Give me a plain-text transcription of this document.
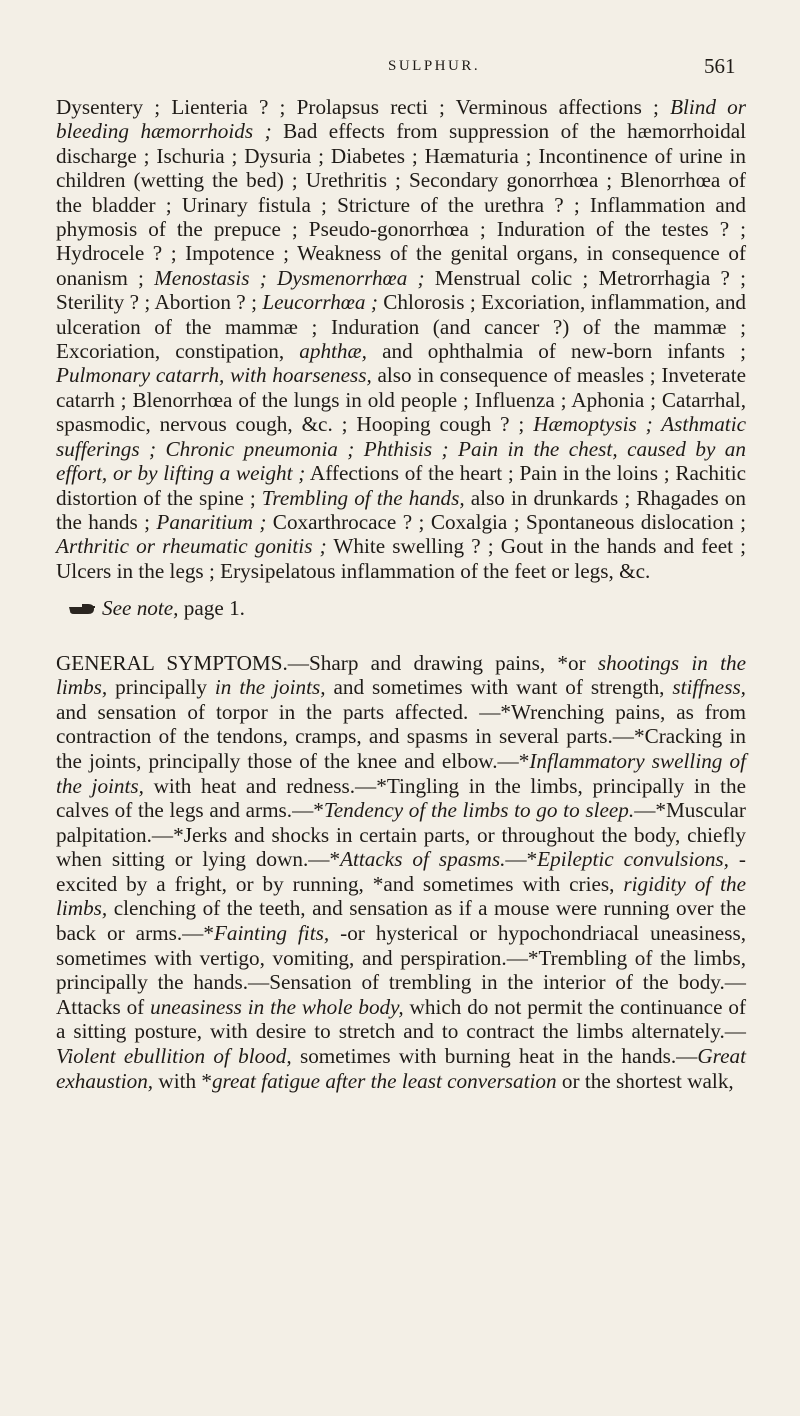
SULPHUR.	561

Dysentery ; Lienteria ? ; Prolapsus recti ; Verminous affections ; Blind or bleeding hæmorrhoids ; Bad effects from suppression of the hæmorrhoidal discharge ; Ischuria ; Dysuria ; Diabetes ; Hæmaturia ; Incontinence of urine in children (wetting the bed) ; Urethritis ; Secondary gonorrhœa ; Blenorrhœa of the bladder ; Urinary fistula ; Stricture of the urethra ? ; Inflammation and phymosis of the prepuce ; Pseudo-gonorrhœa ; Induration of the testes ? ; Hydrocele ? ; Impotence ; Weakness of the genital organs, in consequence of onanism ; Menostasis ; Dysmenorrhœa ; Menstrual colic ; Metrorrhagia ? ; Sterility ? ; Abortion ? ; Leucorrhœa ; Chlorosis ; Excoriation, inflammation, and ulceration of the mammæ ; Induration (and cancer ?) of the mammæ ; Excoriation, constipation, aphthæ, and ophthalmia of new-born infants ; Pulmonary catarrh, with hoarseness, also in consequence of measles ; Inveterate catarrh ; Blenorrhœa of the lungs in old people ; Influenza ; Aphonia ; Catarrhal, spasmodic, nervous cough, &c. ; Hooping cough ? ; Hæmoptysis ; Asthmatic sufferings ; Chronic pneumonia ; Phthisis ; Pain in the chest, caused by an effort, or by lifting a weight ; Affections of the heart ; Pain in the loins ; Rachitic distortion of the spine ; Trembling of the hands, also in drunkards ; Rhagades on the hands ; Panaritium ; Coxarthrocace ? ; Coxalgia ; Spontaneous dislocation ; Arthritic or rheumatic gonitis ; White swelling ? ; Gout in the hands and feet ; Ulcers in the legs ; Erysipelatous inflammation of the feet or legs, &c.

See note, page 1.

GENERAL SYMPTOMS.—Sharp and drawing pains, *or shootings in the limbs, principally in the joints, and sometimes with want of strength, stiffness, and sensation of torpor in the parts affected. —*Wrenching pains, as from contraction of the tendons, cramps, and spasms in several parts.—*Cracking in the joints, principally those of the knee and elbow.—*Inflammatory swelling of the joints, with heat and redness.—*Tingling in the limbs, principally in the calves of the legs and arms.—*Tendency of the limbs to go to sleep.—*Muscular palpitation.—*Jerks and shocks in certain parts, or throughout the body, chiefly when sitting or lying down.—*Attacks of spasms.—*Epileptic convulsions, -excited by a fright, or by running, *and sometimes with cries, rigidity of the limbs, clenching of the teeth, and sensation as if a mouse were running over the back or arms.—*Fainting fits, -or hysterical or hypochondriacal uneasiness, sometimes with vertigo, vomiting, and perspiration.—*Trembling of the limbs, principally the hands.—Sensation of trembling in the interior of the body.—Attacks of uneasiness in the whole body, which do not permit the continuance of a sitting posture, with desire to stretch and to contract the limbs alternately.—Violent ebullition of blood, sometimes with burning heat in the hands.—Great exhaustion, with *great fatigue after the least conversation or the shortest walk,
